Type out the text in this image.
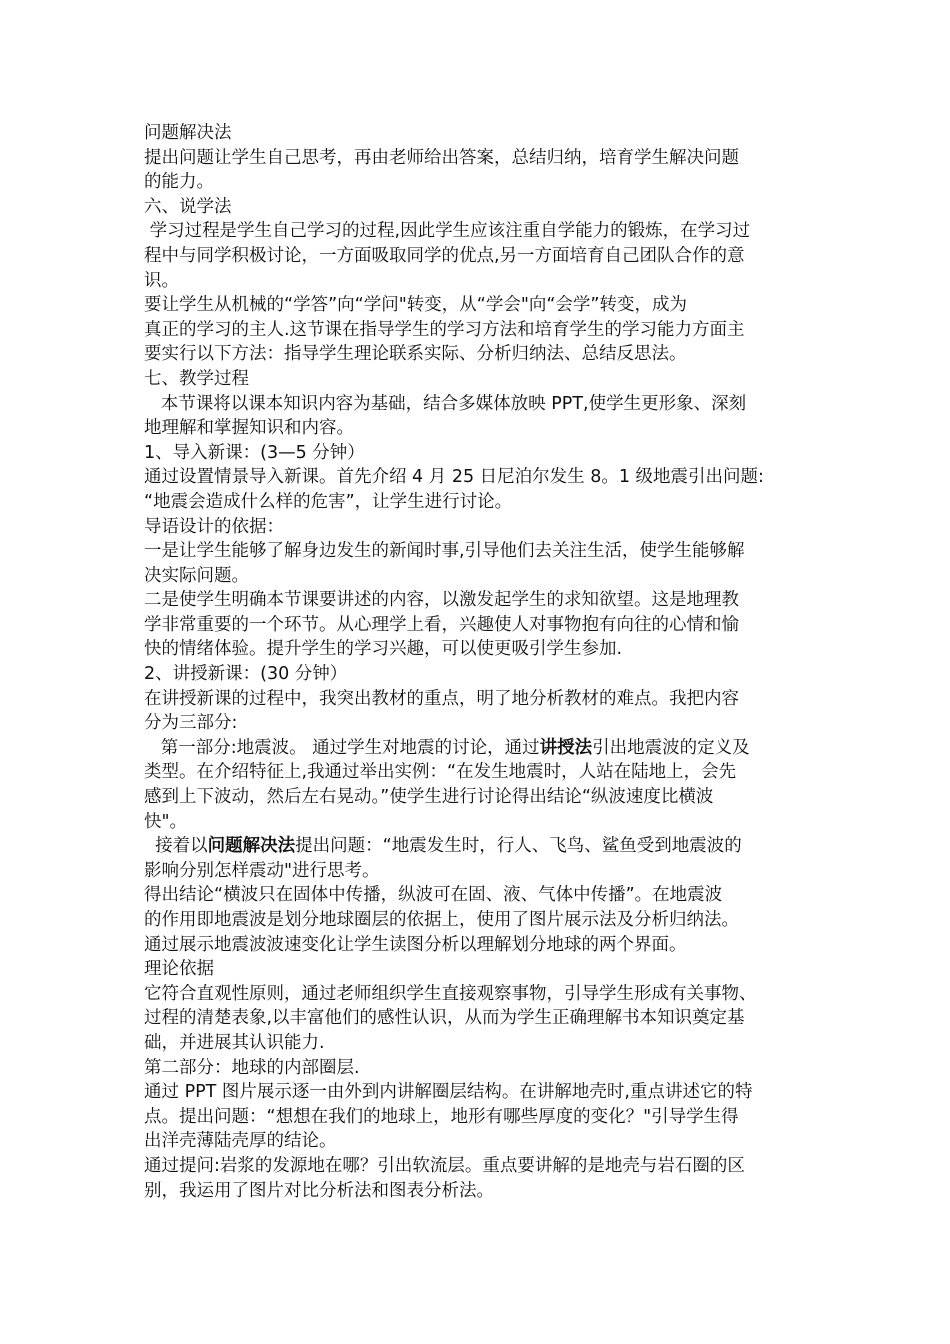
问题解决法
提出问题让学生自己思考，再由老师给出答案，总结归纳，培育学生解决问题
的能力。
六、说学法
学习过程是学生自己学习的过程,因此学生应该注重自学能力的锻炼，在学习过
程中与同学积极讨论，一方面吸取同学的优点,另一方面培育自己团队合作的意
识。
要让学生从机械的“学答”向“学问"转变，从“学会"向“会学”转变，成为
真正的学习的主人.这节课在指导学生的学习方法和培育学生的学习能力方面主
要实行以下方法：指导学生理论联系实际、分析归纳法、总结反思法。
七、教学过程
本节课将以课本知识内容为基础，结合多媒体放映 PPT,使学生更形象、深刻
地理解和掌握知识和内容。
1、导入新课：(3—5 分钟）
通过设置情景导入新课。首先介绍 4 月 25 日尼泊尔发生 8。1 级地震引出问题:
“地震会造成什么样的危害”，让学生进行讨论。
导语设计的依据：
一是让学生能够了解身边发生的新闻时事,引导他们去关注生活，使学生能够解
决实际问题。
二是使学生明确本节课要讲述的内容，以激发起学生的求知欲望。这是地理教
学非常重要的一个环节。从心理学上看，兴趣使人对事物抱有向往的心情和愉
快的情绪体验。提升学生的学习兴趣，可以使更吸引学生参加.
2、讲授新课：(30 分钟）
在讲授新课的过程中，我突出教材的重点，明了地分析教材的难点。我把内容
分为三部分:
第一部分:地震波。 通过学生对地震的讨论，通过讲授法引出地震波的定义及
类型。在介绍特征上,我通过举出实例：“在发生地震时，人站在陆地上，会先
感到上下波动，然后左右晃动。”使学生进行讨论得出结论“纵波速度比横波
快"。
接着以问题解决法提出问题：“地震发生时，行人、飞鸟、鲨鱼受到地震波的
影响分别怎样震动"进行思考。
得出结论“横波只在固体中传播，纵波可在固、液、气体中传播”。在地震波
的作用即地震波是划分地球圈层的依据上，使用了图片展示法及分析归纳法。
通过展示地震波波速变化让学生读图分析以理解划分地球的两个界面。
理论依据
它符合直观性原则，通过老师组织学生直接观察事物，引导学生形成有关事物、
过程的清楚表象,以丰富他们的感性认识，从而为学生正确理解书本知识奠定基
础，并进展其认识能力.
第二部分：地球的内部圈层.
通过 PPT 图片展示逐一由外到内讲解圈层结构。在讲解地壳时,重点讲述它的特
点。提出问题：“想想在我们的地球上，地形有哪些厚度的变化？"引导学生得
出洋壳薄陆壳厚的结论。
通过提问:岩浆的发源地在哪？引出软流层。重点要讲解的是地壳与岩石圈的区
别，我运用了图片对比分析法和图表分析法。
